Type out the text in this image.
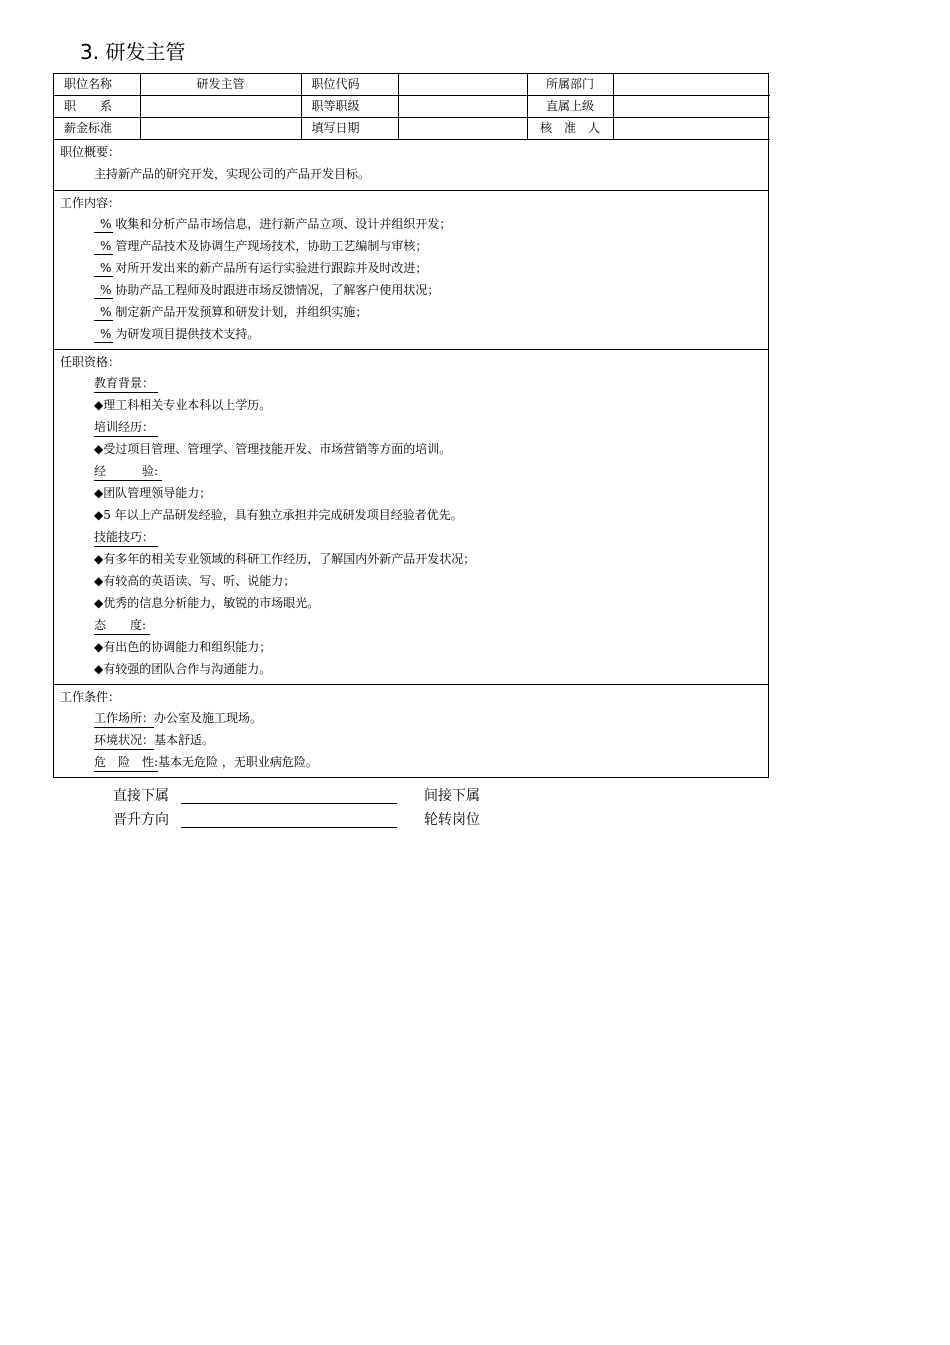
3. 研发主管
职位名称	研发主管	职位代码		所属部门	
职　　系		职等职级		直属上级	
薪金标准		填写日期		核　准　人	
职位概要：
主持新产品的研究开发，实现公司的产品开发目标。
工作内容：
% 收集和分析产品市场信息，进行新产品立项、设计并组织开发；
% 管理产品技术及协调生产现场技术，协助工艺编制与审核；
% 对所开发出来的新产品所有运行实验进行跟踪并及时改进；
% 协助产品工程师及时跟进市场反馈情况，了解客户使用状况；
% 制定新产品开发预算和研发计划，并组织实施；
% 为研发项目提供技术支持。
任职资格：
教育背景：
◆理工科相关专业本科以上学历。
培训经历：
◆受过项目管理、管理学、管理技能开发、市场营销等方面的培训。
经　　　验:
◆团队管理领导能力；
◆5 年以上产品研发经验，具有独立承担并完成研发项目经验者优先。
技能技巧：
◆有多年的相关专业领域的科研工作经历，了解国内外新产品开发状况；
◆有较高的英语读、写、听、说能力；
◆优秀的信息分析能力，敏锐的市场眼光。
态　　度:
◆有出色的协调能力和组织能力；
◆有较强的团队合作与沟通能力。
工作条件：
工作场所：办公室及施工现场。
环境状况：基本舒适。
危　险　性:基本无危险 ，无职业病危险。
直接下属	间接下属
晋升方向	轮转岗位
